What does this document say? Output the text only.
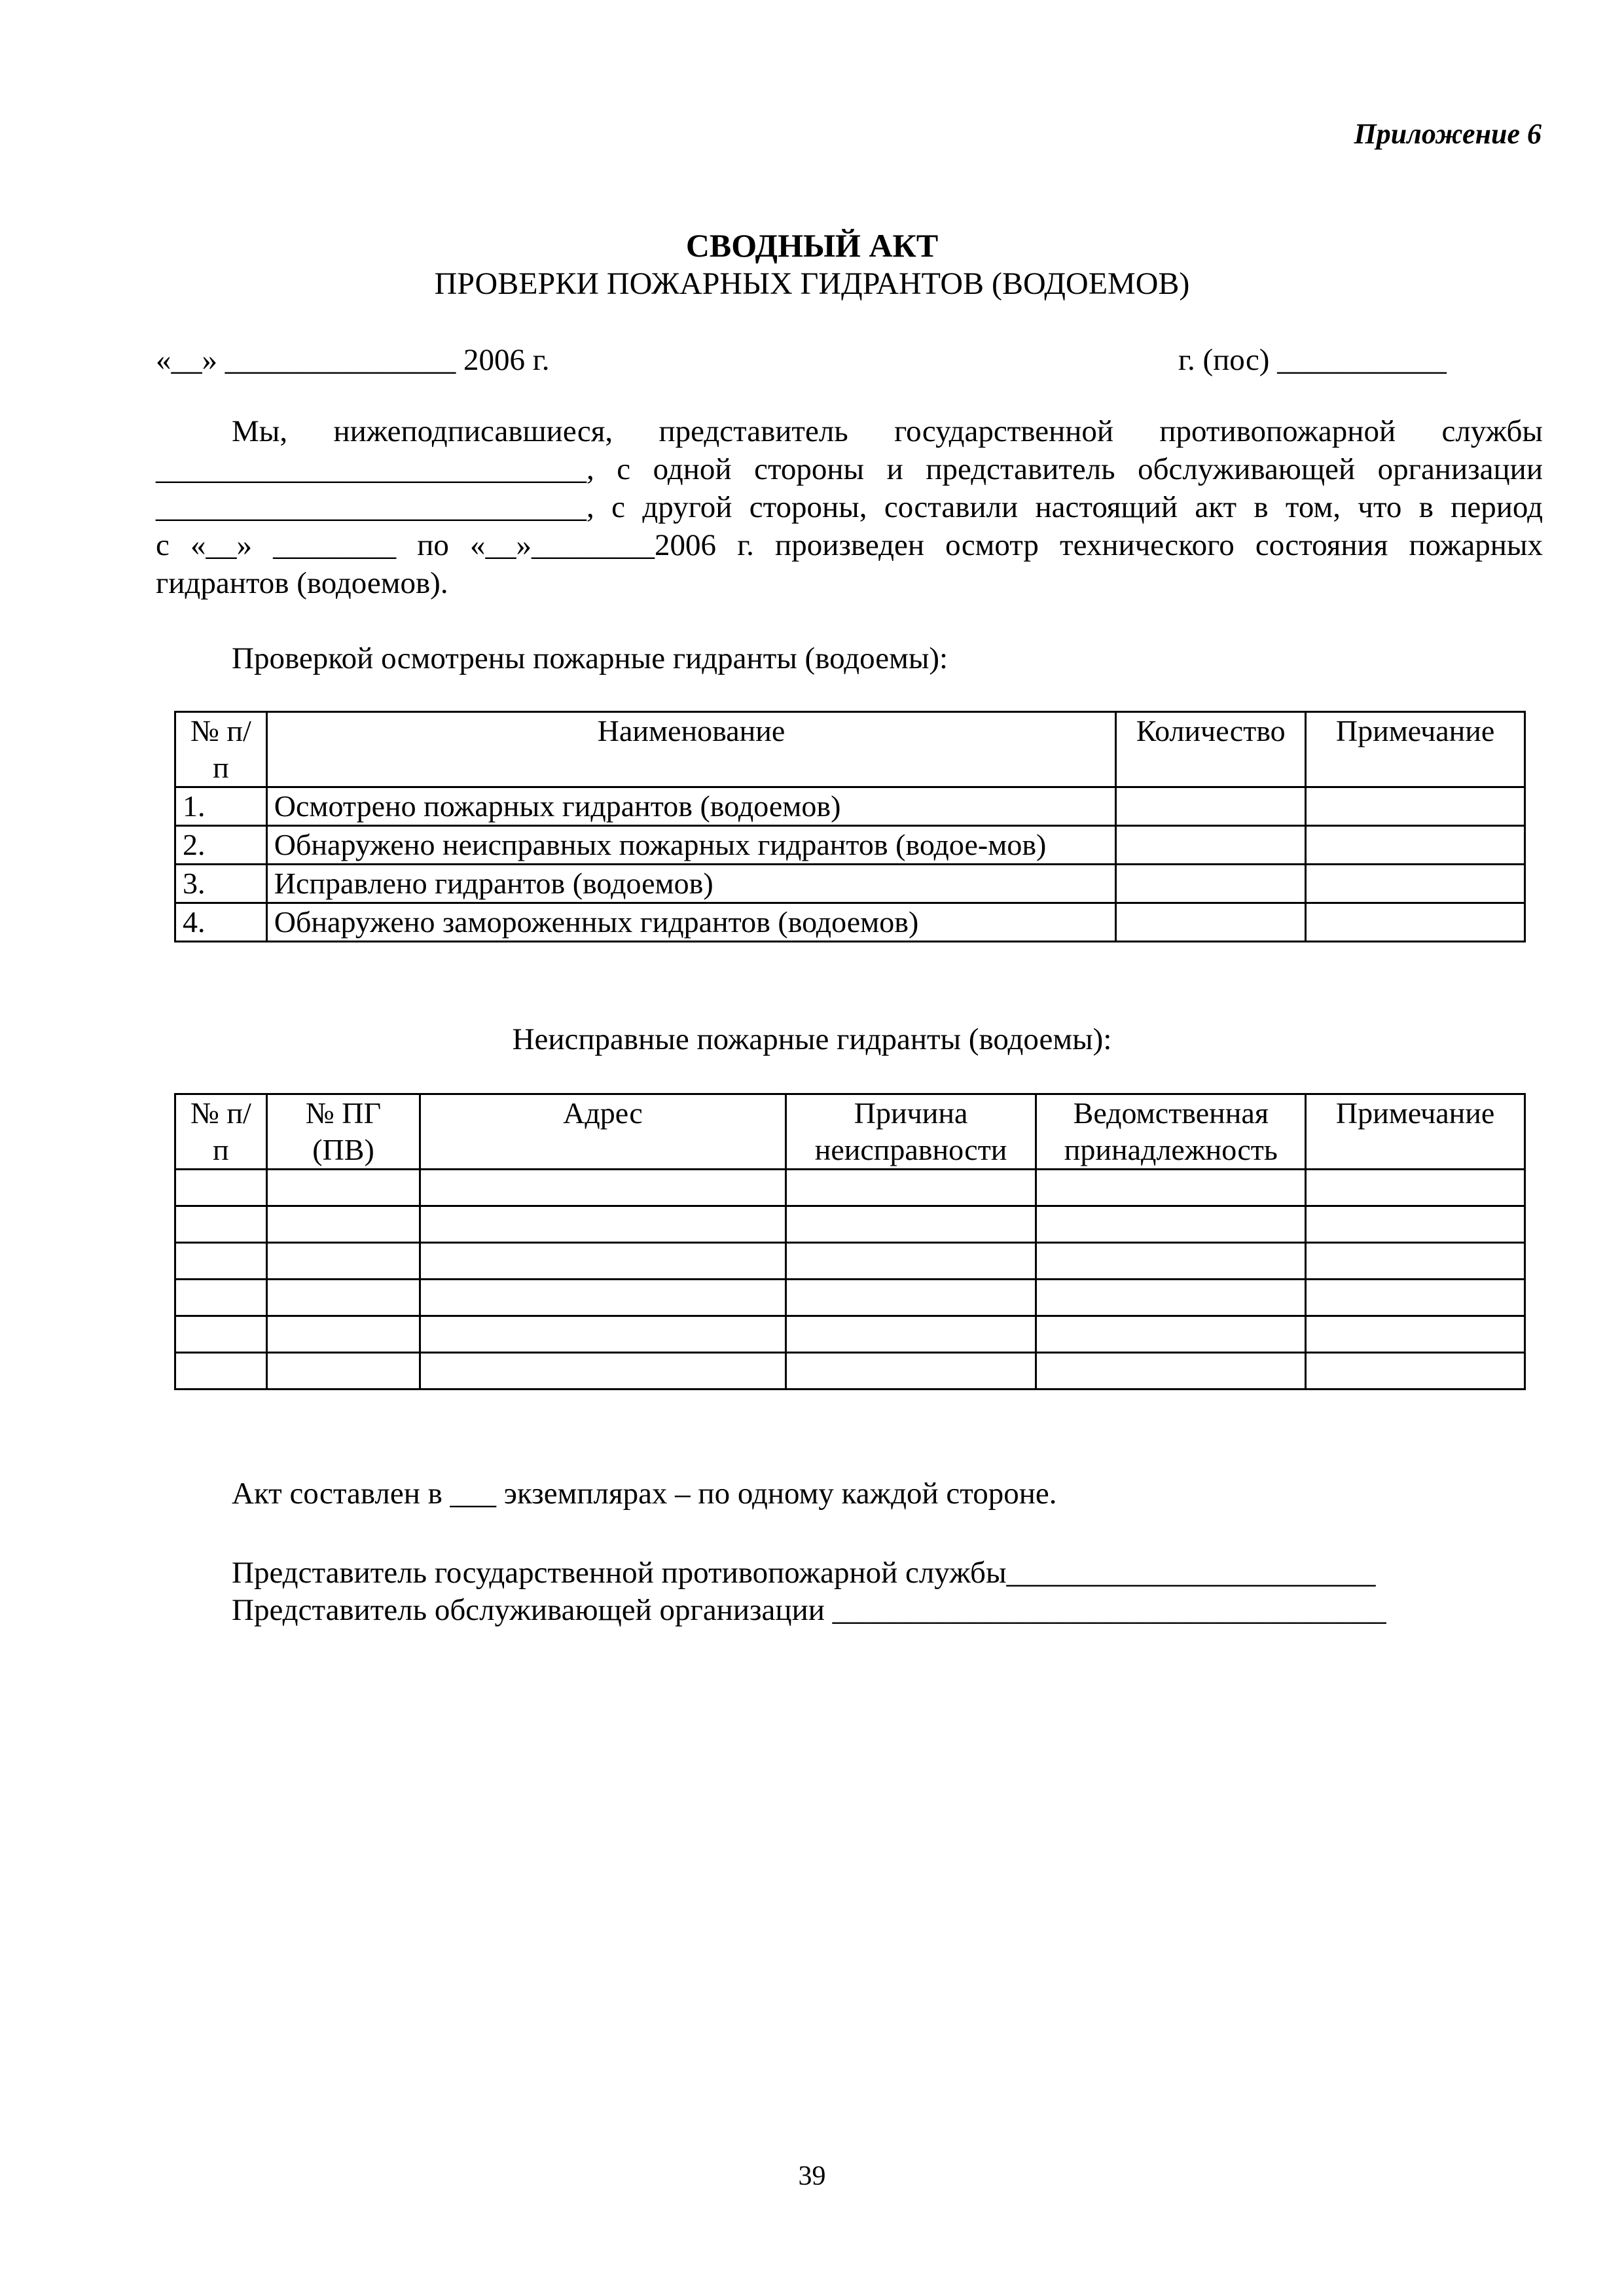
Приложение 6
СВОДНЫЙ АКТ
ПРОВЕРКИ ПОЖАРНЫХ ГИДРАНТОВ (ВОДОЕМОВ)
«__» _______________ 2006 г.	г. (пос) ___________

Мы, нижеподписавшиеся, представитель государственной противопожарной службы

____________________________, с одной стороны и представитель обслуживающей организации

____________________________, с другой стороны, составили настоящий акт в том, что в период

с «__» ________ по «__»________2006 г. произведен осмотр технического состояния пожарных

гидрантов (водоемов).

Проверкой осмотрены пожарные гидранты (водоемы):
№ п/п	Наименование	Количество	Примечание
1.	Осмотрено пожарных гидрантов (водоемов)		
2.	Обнаружено неисправных пожарных гидрантов (водое-мов)		
3.	Исправлено гидрантов (водоемов)		
4.	Обнаружено замороженных гидрантов (водоемов)		
Неисправные пожарные гидранты (водоемы):
№ п/п	№ ПГ (ПВ)	Адрес	Причина неисправности	Ведомственная принадлежность	Примечание

Акт составлен в ___ экземплярах – по одному каждой стороне.
Представитель государственной противопожарной службы________________________
Представитель обслуживающей организации ____________________________________
39
